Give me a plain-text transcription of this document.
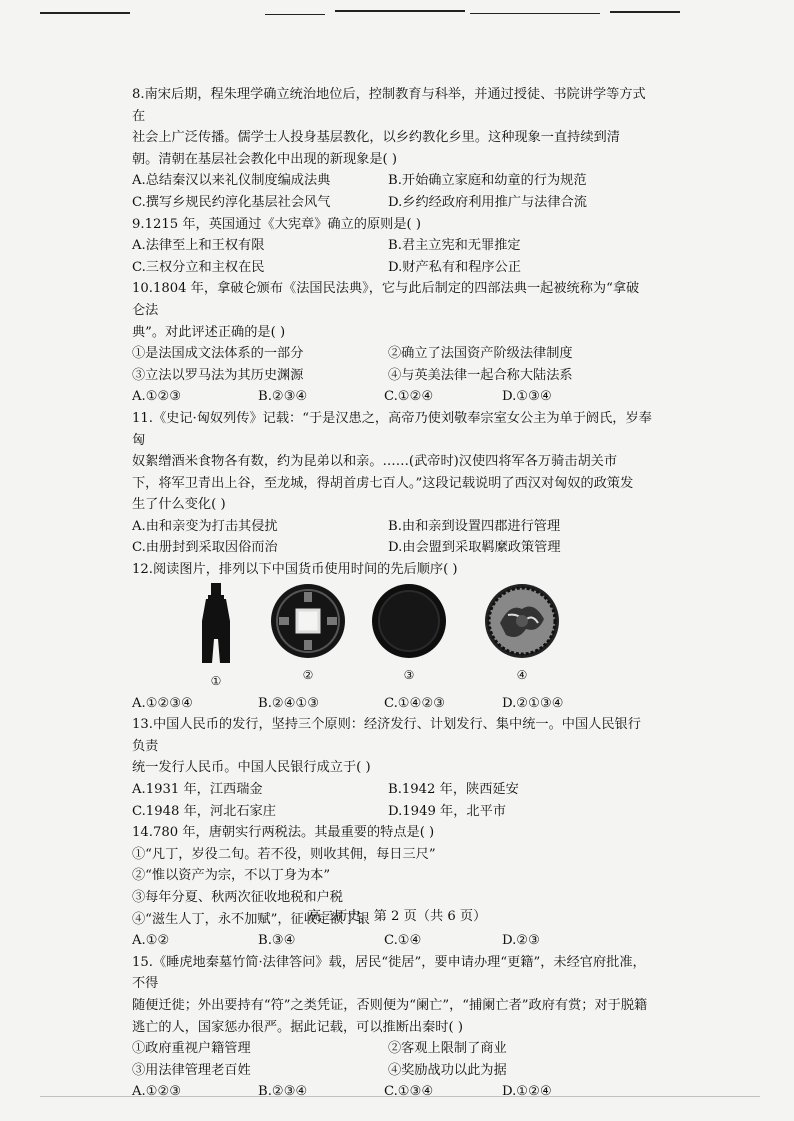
8.南宋后期，程朱理学确立统治地位后，控制教育与科举，并通过授徒、书院讲学等方式在
社会上广泛传播。儒学士人投身基层教化，以乡约教化乡里。这种现象一直持续到清
朝。清朝在基层社会教化中出现的新现象是( )
A.总结秦汉以来礼仪制度编成法典	B.开始确立家庭和幼童的行为规范
C.撰写乡规民约淳化基层社会风气	D.乡约经政府利用推广与法律合流
9.1215 年，英国通过《大宪章》确立的原则是( )
A.法律至上和王权有限	B.君主立宪和无罪推定
C.三权分立和主权在民	D.财产私有和程序公正
10.1804 年，拿破仑颁布《法国民法典》，它与此后制定的四部法典一起被统称为“拿破仑法
典”。对此评述正确的是( )
①是法国成文法体系的一部分	②确立了法国资产阶级法律制度
③立法以罗马法为其历史渊源	④与英美法律一起合称大陆法系
A.①②③	B.②③④	C.①②④	D.①③④
11.《史记·匈奴列传》记载：“于是汉患之，高帝乃使刘敬奉宗室女公主为单于阏氏，岁奉匈
奴絮缯酒米食物各有数，约为昆弟以和亲。……(武帝时)汉使四将军各万骑击胡关市
下，将军卫青出上谷，至龙城，得胡首虏七百人。”这段记载说明了西汉对匈奴的政策发
生了什么变化( )
A.由和亲变为打击其侵扰	B.由和亲到设置四郡进行管理
C.由册封到采取因俗而治	D.由会盟到采取羁縻政策管理
12.阅读图片，排列以下中国货币使用时间的先后顺序( )
①	②	③	④
A.①②③④	B.②④①③	C.①④②③	D.②①③④
13.中国人民币的发行，坚持三个原则：经济发行、计划发行、集中统一。中国人民银行负责
统一发行人民币。中国人民银行成立于( )
A.1931 年，江西瑞金	B.1942 年，陕西延安
C.1948 年，河北石家庄	D.1949 年，北平市
14.780 年，唐朝实行两税法。其最重要的特点是( )
①“凡丁，岁役二旬。若不役，则收其佣，每日三尺”
②“惟以资产为宗，不以丁身为本”
③每年分夏、秋两次征收地税和户税
④“滋生人丁，永不加赋”，征收定额丁银
A.①②	B.③④	C.①④	D.②③
15.《睡虎地秦墓竹简·法律答问》载，居民“徙居”，要申请办理“更籍”，未经官府批准，不得
随便迁徙；外出要持有“符”之类凭证，否则便为“阑亡”，“捕阑亡者”政府有赏；对于脱籍
逃亡的人，国家惩办很严。据此记载，可以推断出秦时( )
①政府重视户籍管理	②客观上限制了商业
③用法律管理老百姓	④奖励战功以此为据
A.①②③	B.②③④	C.①③④	D.①②④
高二历史，第 2 页（共 6 页）
